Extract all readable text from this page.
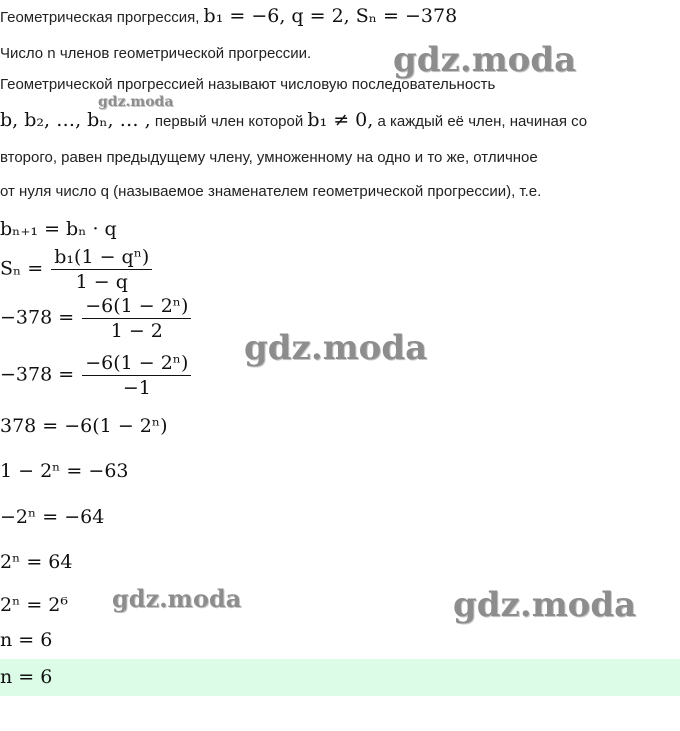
Геометрическая прогрессия, b₁ = −6, q = 2, Sₙ = −378
Число n членов геометрической прогрессии.
Геометрической прогрессией называют числовую последовательность
b, b₂, …, bₙ, … , первый член которой b₁ ≠ 0, а каждый её член, начиная со
второго, равен предыдущему члену, умноженному на одно и то же, отличное
от нуля число q (называемое знаменателем геометрической прогрессии), т.е.
bₙ₊₁ = bₙ · q
$S_n = \frac{\text{b₁(1 − qⁿ)}}{1 - q}$
$-378 = \frac{\text{−6(1 − 2ⁿ)}}{1 - 2}$
$-378 = \frac{\text{−6(1 − 2ⁿ)}}{-1}$
378 = −6(1 − 2ⁿ)
1 − 2ⁿ = −63
−2ⁿ = −64
2ⁿ = 64
2ⁿ = 2⁶
n = 6
n = 6
gdz.moda
gdz.moda
gdz.moda
gdz.moda	gdz.moda
